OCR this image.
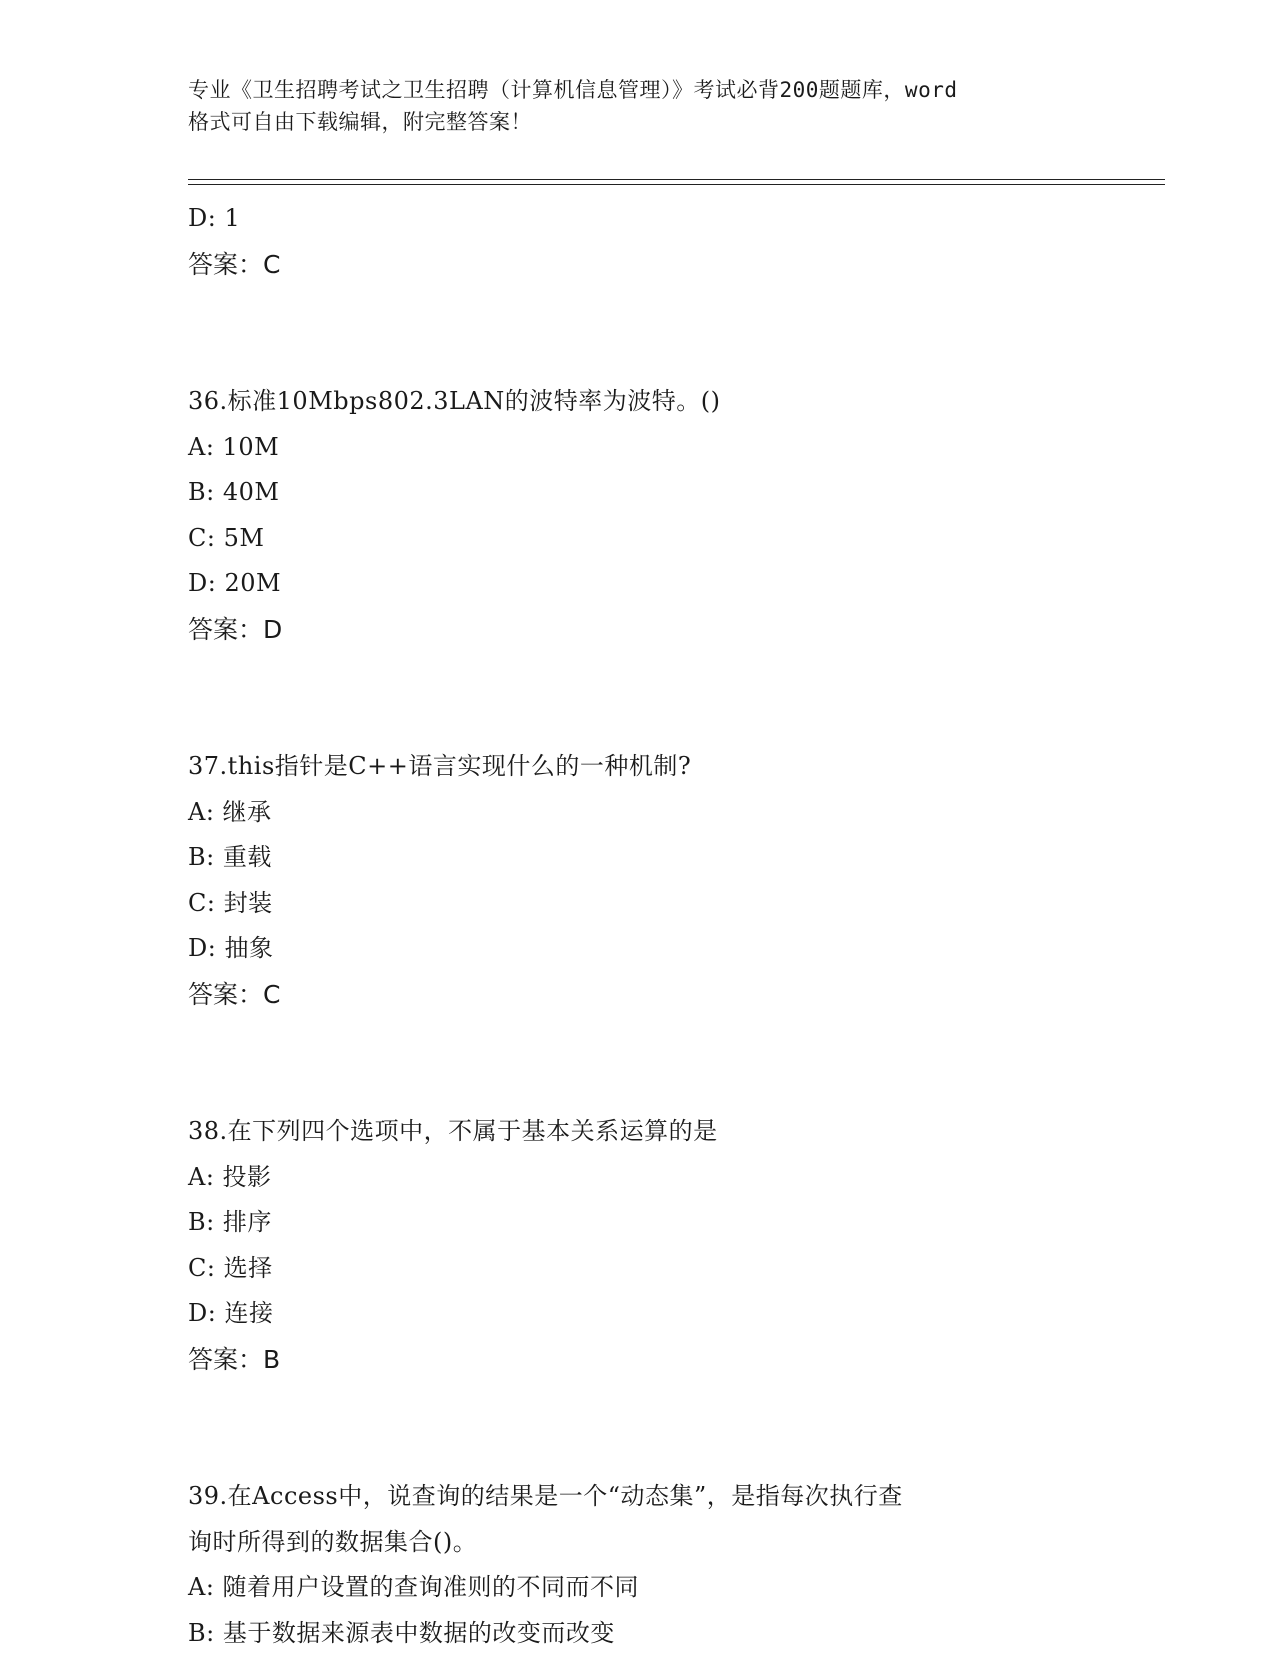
专业《卫生招聘考试之卫生招聘（计算机信息管理）》考试必背200题题库，word
格式可自由下载编辑，附完整答案！
D: 1
答案：C
36.标准10Mbps802.3LAN的波特率为波特。()
A: 10M
B: 40M
C: 5M
D: 20M
答案：D
37.this指针是C++语言实现什么的一种机制?
A: 继承
B: 重载
C: 封装
D: 抽象
答案：C
38.在下列四个选项中，不属于基本关系运算的是
A: 投影
B: 排序
C: 选择
D: 连接
答案：B
39.在Access中，说查询的结果是一个“动态集”，是指每次执行查
询时所得到的数据集合()。
A: 随着用户设置的查询准则的不同而不同
B: 基于数据来源表中数据的改变而改变
